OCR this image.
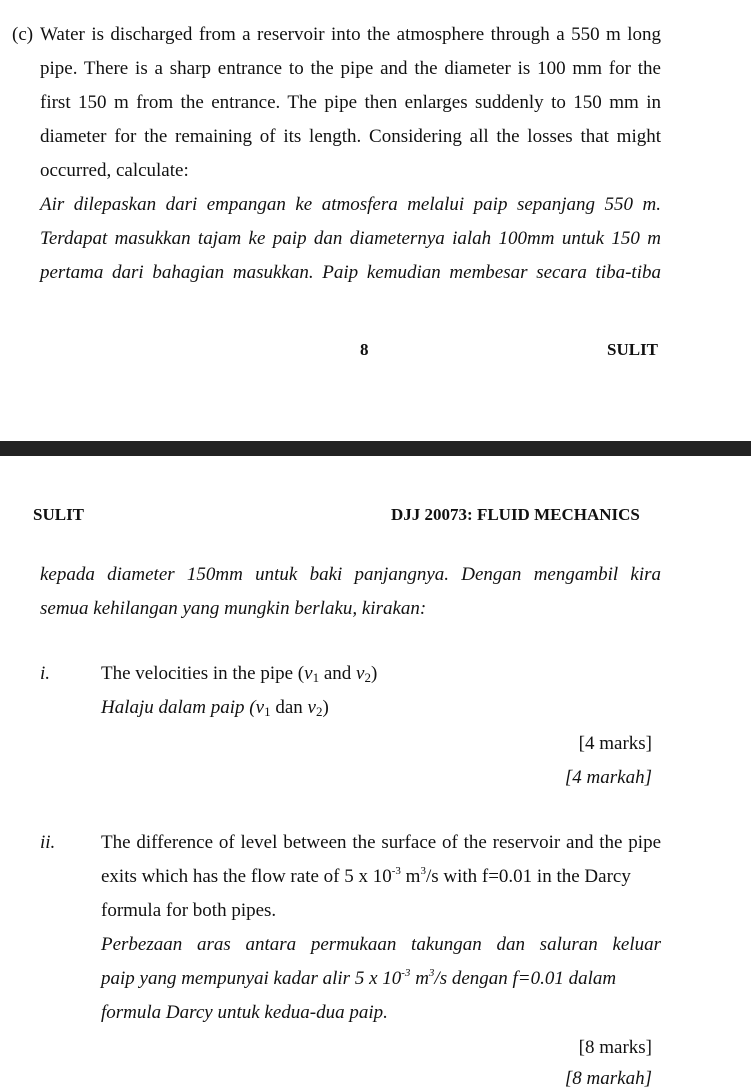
(c) Water is discharged from a reservoir into the atmosphere through a 550 m long
pipe. There is a sharp entrance to the pipe and the diameter is 100 mm for the
first 150 m from the entrance. The pipe then enlarges suddenly to 150 mm in
diameter for the remaining of its length. Considering all the losses that might
occurred, calculate:
Air dilepaskan dari empangan ke atmosfera melalui paip sepanjang 550 m.
Terdapat masukkan tajam ke paip dan diameternya ialah 100mm untuk 150 m
pertama dari bahagian masukkan. Paip kemudian membesar secara tiba-tiba
8	SULIT
SULIT	DJJ 20073: FLUID MECHANICS
kepada diameter 150mm untuk baki panjangnya. Dengan mengambil kira
semua kehilangan yang mungkin berlaku, kirakan:
i.	The velocities in the pipe ($v_1$ and $v_2$)
Halaju dalam paip ($v_1$ dan $v_2$)
[4 marks]
[4 markah]
ii. The difference of level between the surface of the reservoir and the pipe
exits which has the flow rate of 5 x $10^{-3}$ $m^3/s$ with f=0.01 in the Darcy
formula for both pipes.
Perbezaan aras antara permukaan takungan dan saluran keluar
paip yang mempunyai kadar alir 5 x $10^{-3}$ $m^3/s$ dengan f=0.01 dalam
formula Darcy untuk kedua-dua paip.
[8 marks]
[8 markah]
